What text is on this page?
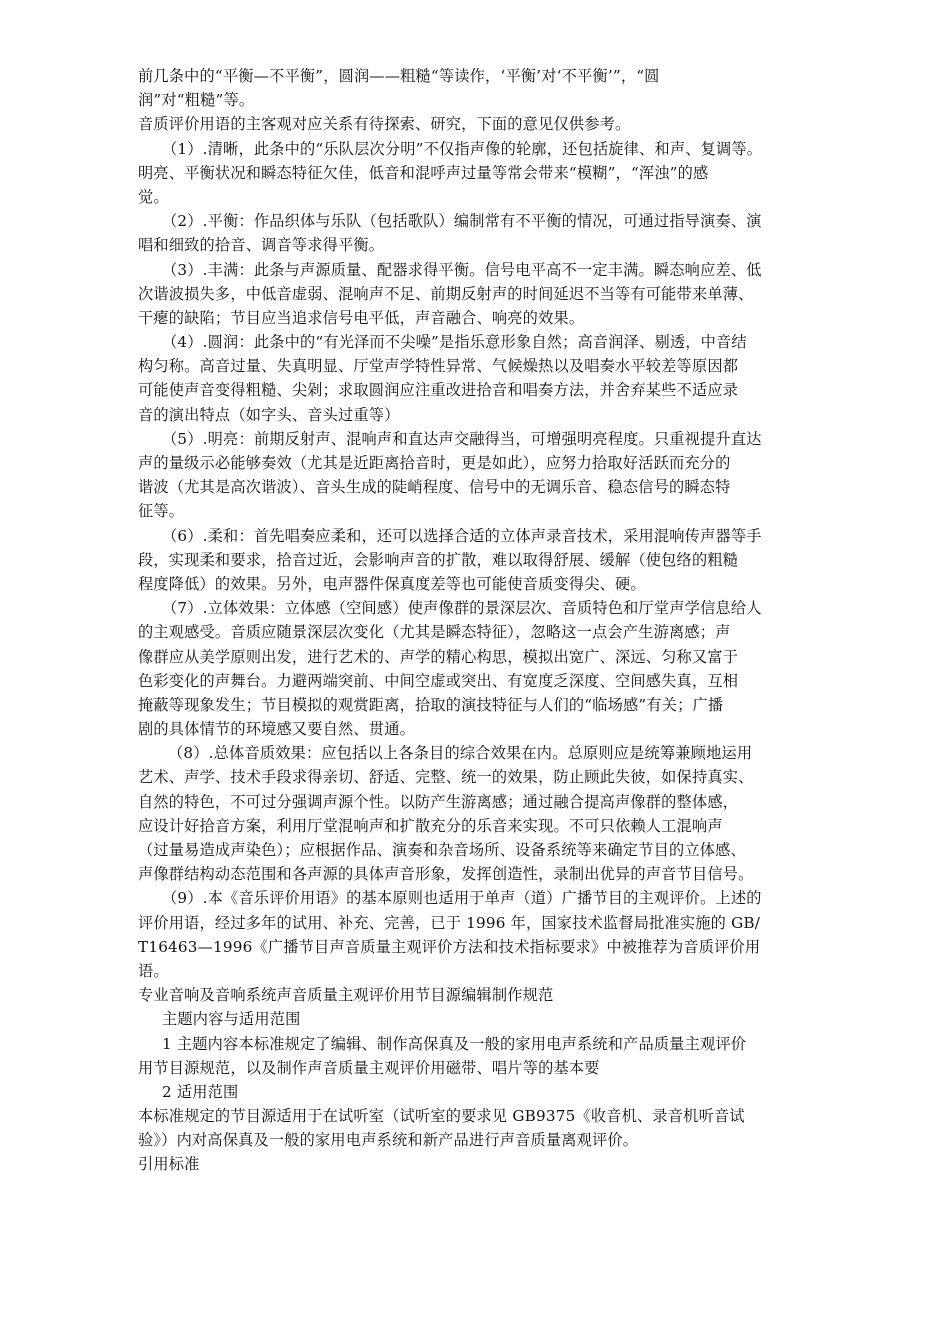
前几条中的“平衡—不平衡”，圆润——粗糙“等读作，‘平衡’对‘不平衡’”，“圆
润”对“粗糙”等。
音质评价用语的主客观对应关系有待探索、研究，下面的意见仅供参考。
（1）.清晰，此条中的“乐队层次分明”不仅指声像的轮廓，还包括旋律、和声、复调等。
明亮、平衡状况和瞬态特征欠佳，低音和混呼声过量等常会带来“模糊”，“浑浊”的感
觉。
（2）.平衡：作品织体与乐队（包括歌队）编制常有不平衡的情况，可通过指导演奏、演
唱和细致的拾音、调音等求得平衡。
（3）.丰满：此条与声源质量、配器求得平衡。信号电平高不一定丰满。瞬态响应差、低
次谐波损失多，中低音虚弱、混响声不足、前期反射声的时间延迟不当等有可能带来单薄、
干瘪的缺陷；节目应当追求信号电平低，声音融合、响亮的效果。
（4）.圆润：此条中的“有光泽而不尖噪”是指乐意形象自然；高音润泽、剔透，中音结
构匀称。高音过量、失真明显、厅堂声学特性异常、气候燥热以及唱奏水平较差等原因都
可能使声音变得粗糙、尖剁；求取圆润应注重改进拾音和唱奏方法，并舍弃某些不适应录
音的演出特点（如字头、音头过重等）
（5）.明亮：前期反射声、混响声和直达声交融得当，可增强明亮程度。只重视提升直达
声的量级示必能够奏效（尤其是近距离拾音时，更是如此），应努力拾取好活跃而充分的
谐波（尤其是高次谐波）、音头生成的陡峭程度、信号中的无调乐音、稳态信号的瞬态特
征等。
（6）.柔和：首先唱奏应柔和，还可以选择合适的立体声录音技术，采用混响传声器等手
段，实现柔和要求，拾音过近，会影响声音的扩散，难以取得舒展、缓解（使包络的粗糙
程度降低）的效果。另外，电声器件保真度差等也可能使音质变得尖、硬。
（7）.立体效果：立体感（空间感）使声像群的景深层次、音质特色和厅堂声学信息给人
的主观感受。音质应随景深层次变化（尤其是瞬态特征），忽略这一点会产生游离感；声
像群应从美学原则出发，进行艺术的、声学的精心构思，模拟出宽广、深远、匀称又富于
色彩变化的声舞台。力避两端突前、中间空虚或突出、有宽度乏深度、空间感失真，互相
掩蔽等现象发生；节目模拟的观赏距离，拾取的演技特征与人们的“临场感”有关；广播
剧的具体情节的环境感又要自然、贯通。
（8）.总体音质效果：应包括以上各条目的综合效果在内。总原则应是统筹兼顾地运用
艺术、声学、技术手段求得亲切、舒适、完整、统一的效果，防止顾此失彼，如保持真实、
自然的特色，不可过分强调声源个性。以防产生游离感；通过融合提高声像群的整体感，
应设计好拾音方案，利用厅堂混响声和扩散充分的乐音来实现。不可只依赖人工混响声
（过量易造成声染色）；应根据作品、演奏和杂音场所、设备系统等来确定节目的立体感、
声像群结构动态范围和各声源的具体声音形象，发挥创造性，录制出优异的声音节目信号。
（9）.本《音乐评价用语》的基本原则也适用于单声（道）广播节目的主观评价。上述的
评价用语，经过多年的试用、补充、完善，已于 1996 年，国家技术监督局批准实施的 GB/
T16463—1996《广播节目声音质量主观评价方法和技术指标要求》中被推荐为音质评价用
语。
专业音响及音响系统声音质量主观评价用节目源编辑制作规范
主题内容与适用范围
1 主题内容本标准规定了编辑、制作高保真及一般的家用电声系统和产品质量主观评价
用节目源规范，以及制作声音质量主观评价用磁带、唱片等的基本要
2 适用范围
本标准规定的节目源适用于在试听室（试听室的要求见 GB9375《收音机、录音机听音试
验》）内对高保真及一般的家用电声系统和新产品进行声音质量离观评价。
引用标准
